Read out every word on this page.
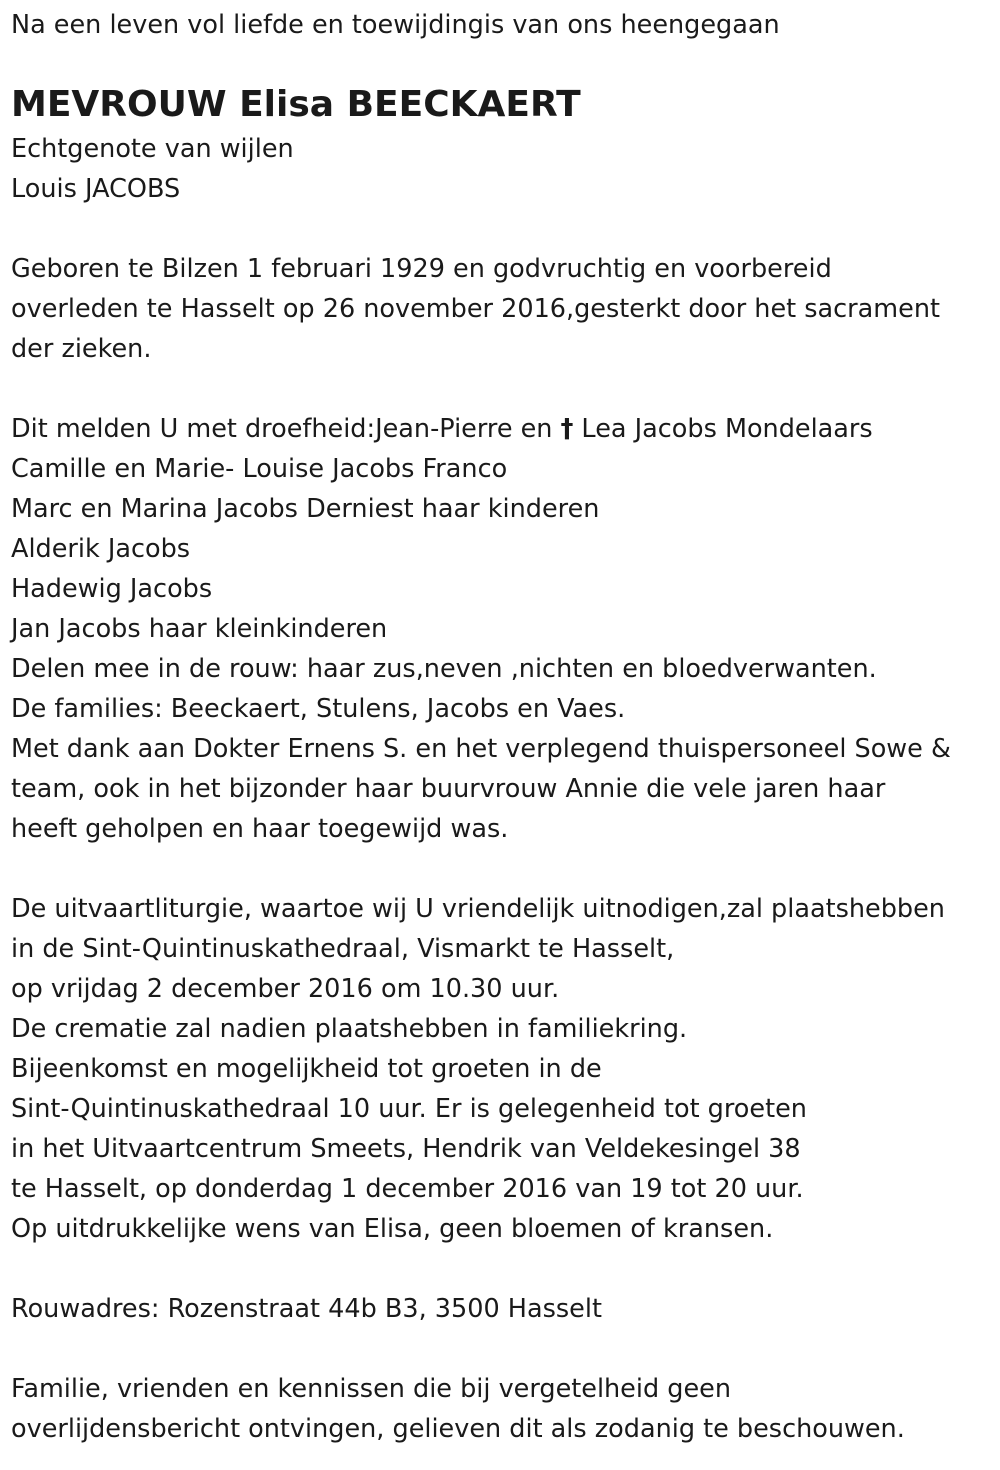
Na een leven vol liefde en toewijdingis van ons heengegaan
MEVROUW Elisa BEECKAERT
Echtgenote van wijlen
Louis JACOBS
Geboren te Bilzen 1 februari 1929 en godvruchtig en voorbereid
overleden te Hasselt op 26 november 2016,gesterkt door het sacrament
der zieken.
Dit melden U met droefheid:Jean-Pierre en † Lea Jacobs Mondelaars
Camille en Marie- Louise Jacobs Franco
Marc en Marina Jacobs Derniest haar kinderen
Alderik Jacobs
Hadewig Jacobs
Jan Jacobs haar kleinkinderen
Delen mee in de rouw: haar zus,neven ,nichten en bloedverwanten.
De families: Beeckaert, Stulens, Jacobs en Vaes.
Met dank aan Dokter Ernens S. en het verplegend thuispersoneel Sowe &
team, ook in het bijzonder haar buurvrouw Annie die vele jaren haar
heeft geholpen en haar toegewijd was.
De uitvaartliturgie, waartoe wij U vriendelijk uitnodigen,zal plaatshebben
in de Sint-Quintinuskathedraal, Vismarkt te Hasselt,
op vrijdag 2 december 2016 om 10.30 uur.
De crematie zal nadien plaatshebben in familiekring.
Bijeenkomst en mogelijkheid tot groeten in de
Sint-Quintinuskathedraal 10 uur. Er is gelegenheid tot groeten
in het Uitvaartcentrum Smeets, Hendrik van Veldekesingel 38
te Hasselt, op donderdag 1 december 2016 van 19 tot 20 uur.
Op uitdrukkelijke wens van Elisa, geen bloemen of kransen.
Rouwadres: Rozenstraat 44b B3, 3500 Hasselt
Familie, vrienden en kennissen die bij vergetelheid geen
overlijdensbericht ontvingen, gelieven dit als zodanig te beschouwen.
